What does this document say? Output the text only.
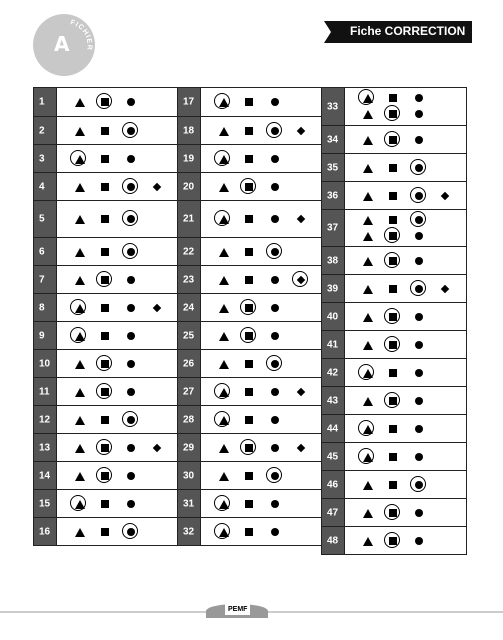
FICHIER
A
Fiche CORRECTION
1
2
3
4
5
6
7
8
9
10
11
12
13
14
15
16
17
18
19
20
21
22
23
24
25
26
27
28
29
30
31
32
33
34
35
36
37
38
39
40
41
42
43
44
45
46
47
48
PEMF
